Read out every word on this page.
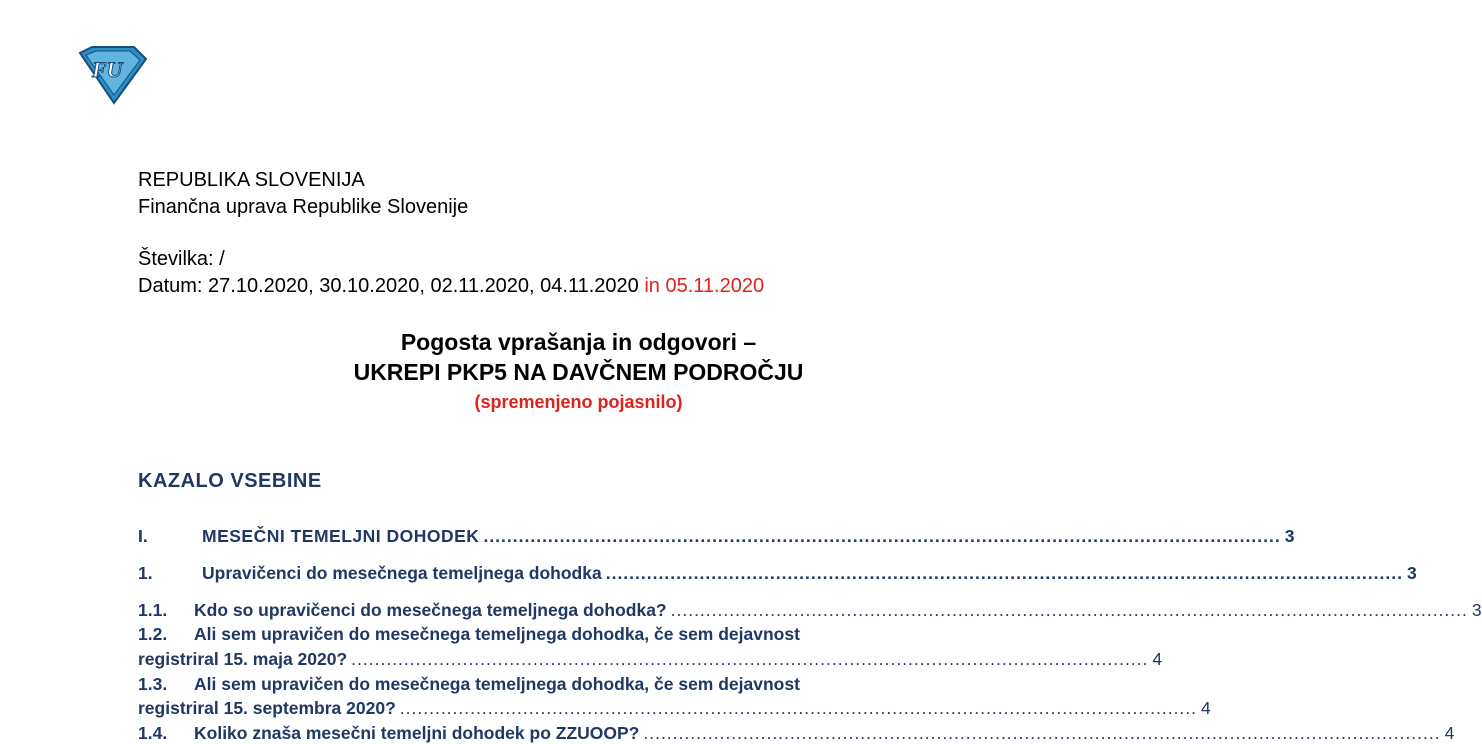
FU
REPUBLIKA SLOVENIJA
Finančna uprava Republike Slovenije
Številka: /
Datum: 27.10.2020, 30.10.2020, 02.11.2020, 04.11.2020 in 05.11.2020
Pogosta vprašanja in odgovori –
UKREPI PKP5 NA DAVČNEM PODROČJU
(spremenjeno pojasnilo)
KAZALO VSEBINE
I.	MESEČNI TEMELJNI DOHODEK ........................................................................................................................................ 3
1.	Upravičenci do mesečnega temeljnega dohodka ........................................................................................................................................ 3
1.1.	Kdo so upravičenci do mesečnega temeljnega dohodka? ........................................................................................................................................ 3
1.2. Ali sem upravičen do mesečnega temeljnega dohodka, če sem dejavnost
registriral 15. maja 2020? ........................................................................................................................................ 4
1.3. Ali sem upravičen do mesečnega temeljnega dohodka, če sem dejavnost
registriral 15. septembra 2020? ........................................................................................................................................ 4
1.4.	Koliko znaša mesečni temeljni dohodek po ZZUOOP? ........................................................................................................................................ 4
